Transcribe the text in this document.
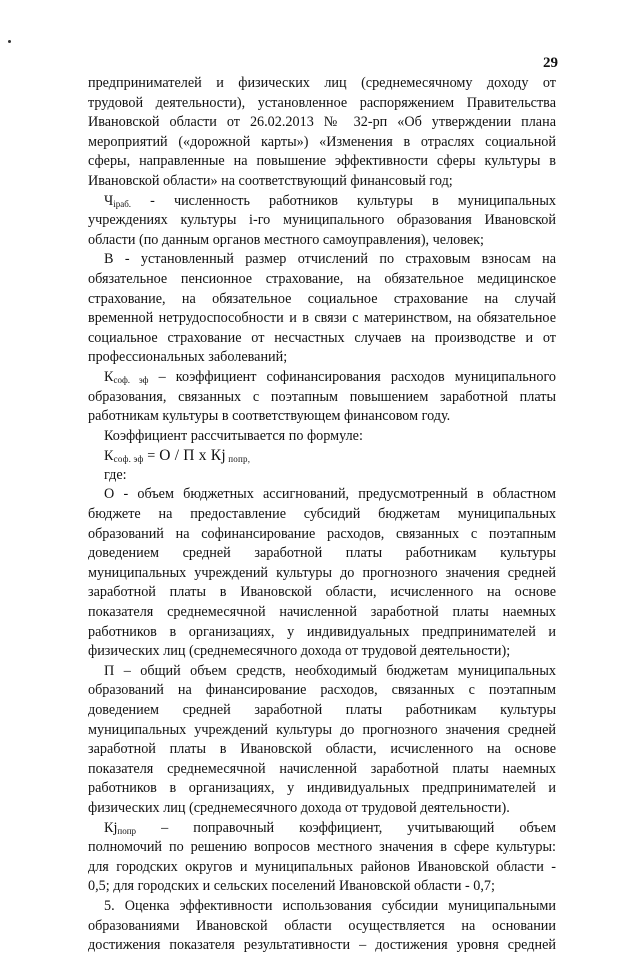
29
предпринимателей и физических лиц (среднемесячному доходу от
трудовой деятельности), установленное распоряжением Правительства
Ивановской области от 26.02.2013 № 32-рп «Об утверждении плана
мероприятий («дорожной карты») «Изменения в отраслях социальной
сферы, направленные на повышение эффективности сферы культуры в
Ивановской области» на соответствующий финансовый год;
$Ч_{iраб.}$ - численность работников культуры в муниципальных
учреждениях культуры i-го муниципального образования Ивановской
области (по данным органов местного самоуправления), человек;
В - установленный размер отчислений по страховым взносам на
обязательное пенсионное страхование, на обязательное медицинское
страхование, на обязательное социальное страхование на случай
временной нетрудоспособности и в связи с материнством, на обязательное
социальное страхование от несчастных случаев на производстве и от
профессиональных заболеваний;
$К_{соф. эф}$ – коэффициент софинансирования расходов муниципального
образования, связанных с поэтапным повышением заработной платы
работникам культуры в соответствующем финансовом году.
Коэффициент рассчитывается по формуле:
$К_{соф. эф} = О / П$ х Кj $_{попр,}$
где:
О - объем бюджетных ассигнований, предусмотренный в областном
бюджете на предоставление субсидий бюджетам муниципальных
образований на софинансирование расходов, связанных с поэтапным
доведением средней заработной платы работникам культуры
муниципальных учреждений культуры до прогнозного значения средней
заработной платы в Ивановской области, исчисленного на основе
показателя среднемесячной начисленной заработной платы наемных
работников в организациях, у индивидуальных предпринимателей и
физических лиц (среднемесячного дохода от трудовой деятельности);
П – общий объем средств, необходимый бюджетам муниципальных
образований на финансирование расходов, связанных с поэтапным
доведением средней заработной платы работникам культуры
муниципальных учреждений культуры до прогнозного значения средней
заработной платы в Ивановской области, исчисленного на основе
показателя среднемесячной начисленной заработной платы наемных
работников в организациях, у индивидуальных предпринимателей и
физических лиц (среднемесячного дохода от трудовой деятельности).
$Кj_{попр}$ – поправочный коэффициент, учитывающий объем
полномочий по решению вопросов местного значения в сфере культуры:
для городских округов и муниципальных районов Ивановской области -
0,5; для городских и сельских поселений Ивановской области - 0,7;
5. Оценка эффективности использования субсидии муниципальными
образованиями Ивановской области осуществляется на основании
достижения показателя результативности – достижения уровня средней
